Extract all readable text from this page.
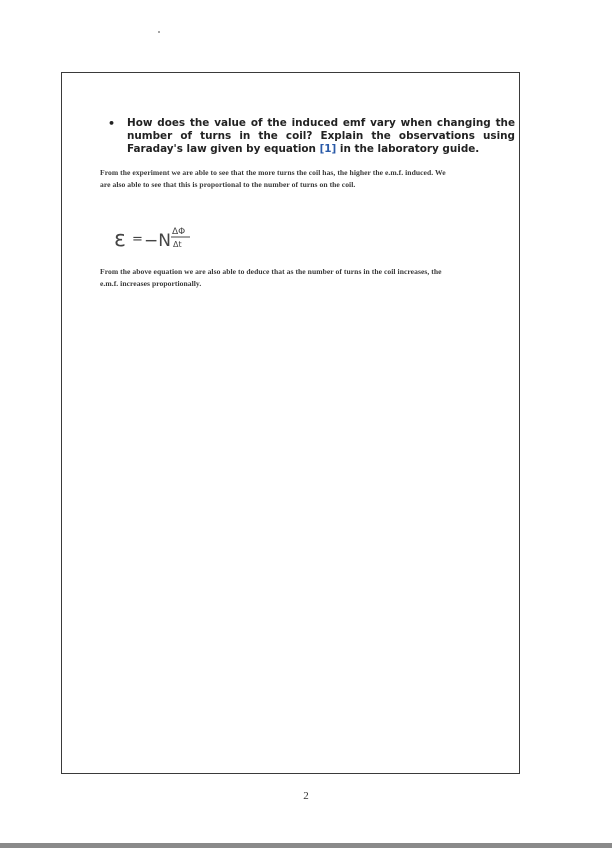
• How does the value of the induced emf vary when changing the number of turns in the coil? Explain the observations using Faraday's law given by equation [1] in the laboratory guide.
From the experiment we are able to see that the more turns the coil has, the higher the e.m.f. induced. We are also able to see that this is proportional to the number of turns on the coil.
ε = −N ΔΦ
Δt
From the above equation we are also able to deduce that as the number of turns in the coil increases, the e.m.f. increases proportionally.
2
